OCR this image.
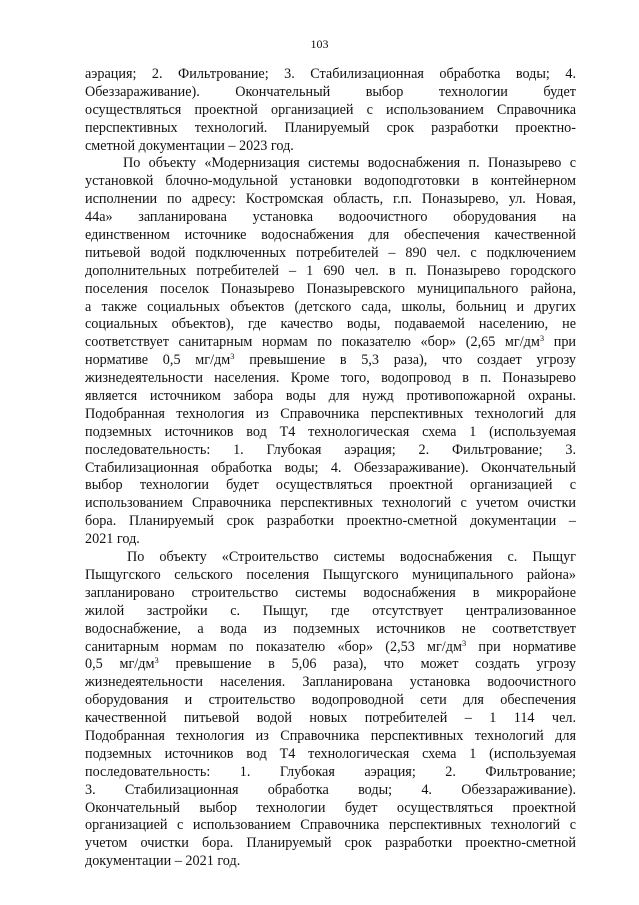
103
аэрация; 2. Фильтрование; 3. Стабилизационная обработка воды; 4.
Обеззараживание). Окончательный выбор технологии будет
осуществляться проектной организацией с использованием Справочника
перспективных технологий. Планируемый срок разработки проектно-
сметной документации – 2023 год.
По объекту «Модернизация системы водоснабжения п. Поназырево с
установкой блочно-модульной установки водоподготовки в контейнерном
исполнении по адресу: Костромская область, г.п. Поназырево, ул. Новая,
44а» запланирована установка водоочистного оборудования на
единственном источнике водоснабжения для обеспечения качественной
питьевой водой подключенных потребителей – 890 чел. с подключением
дополнительных потребителей – 1 690 чел. в п. Поназырево городского
поселения поселок Поназырево Поназыревского муниципального района,
а также социальных объектов (детского сада, школы, больниц и других
социальных объектов), где качество воды, подаваемой населению, не
соответствует санитарным нормам по показателю «бор» (2,65 $мг/дм^3$ при
нормативе 0,5 $мг/дм^3$ превышение в 5,3 раза), что создает угрозу
жизнедеятельности населения. Кроме того, водопровод в п. Поназырево
является источником забора воды для нужд противопожарной охраны.
Подобранная технология из Справочника перспективных технологий для
подземных источников вод Т4 технологическая схема 1 (используемая
последовательность: 1. Глубокая аэрация; 2. Фильтрование; 3.
Стабилизационная обработка воды; 4. Обеззараживание). Окончательный
выбор технологии будет осуществляться проектной организацией с
использованием Справочника перспективных технологий с учетом очистки
бора. Планируемый срок разработки проектно-сметной документации –
2021 год.
По объекту «Строительство системы водоснабжения с. Пыщуг
Пыщугского сельского поселения Пыщугского муниципального района»
запланировано строительство системы водоснабжения в микрорайоне
жилой застройки с. Пыщуг, где отсутствует централизованное
водоснабжение, а вода из подземных источников не соответствует
санитарным нормам по показателю «бор» (2,53 $мг/дм^3$ при нормативе
0,5 $мг/дм^3$ превышение в 5,06 раза), что может создать угрозу
жизнедеятельности населения. Запланирована установка водоочистного
оборудования и строительство водопроводной сети для обеспечения
качественной питьевой водой новых потребителей – 1 114 чел.
Подобранная технология из Справочника перспективных технологий для
подземных источников вод Т4 технологическая схема 1 (используемая
последовательность: 1. Глубокая аэрация; 2. Фильтрование;
3. Стабилизационная обработка воды; 4. Обеззараживание).
Окончательный выбор технологии будет осуществляться проектной
организацией с использованием Справочника перспективных технологий с
учетом очистки бора. Планируемый срок разработки проектно-сметной
документации – 2021 год.
